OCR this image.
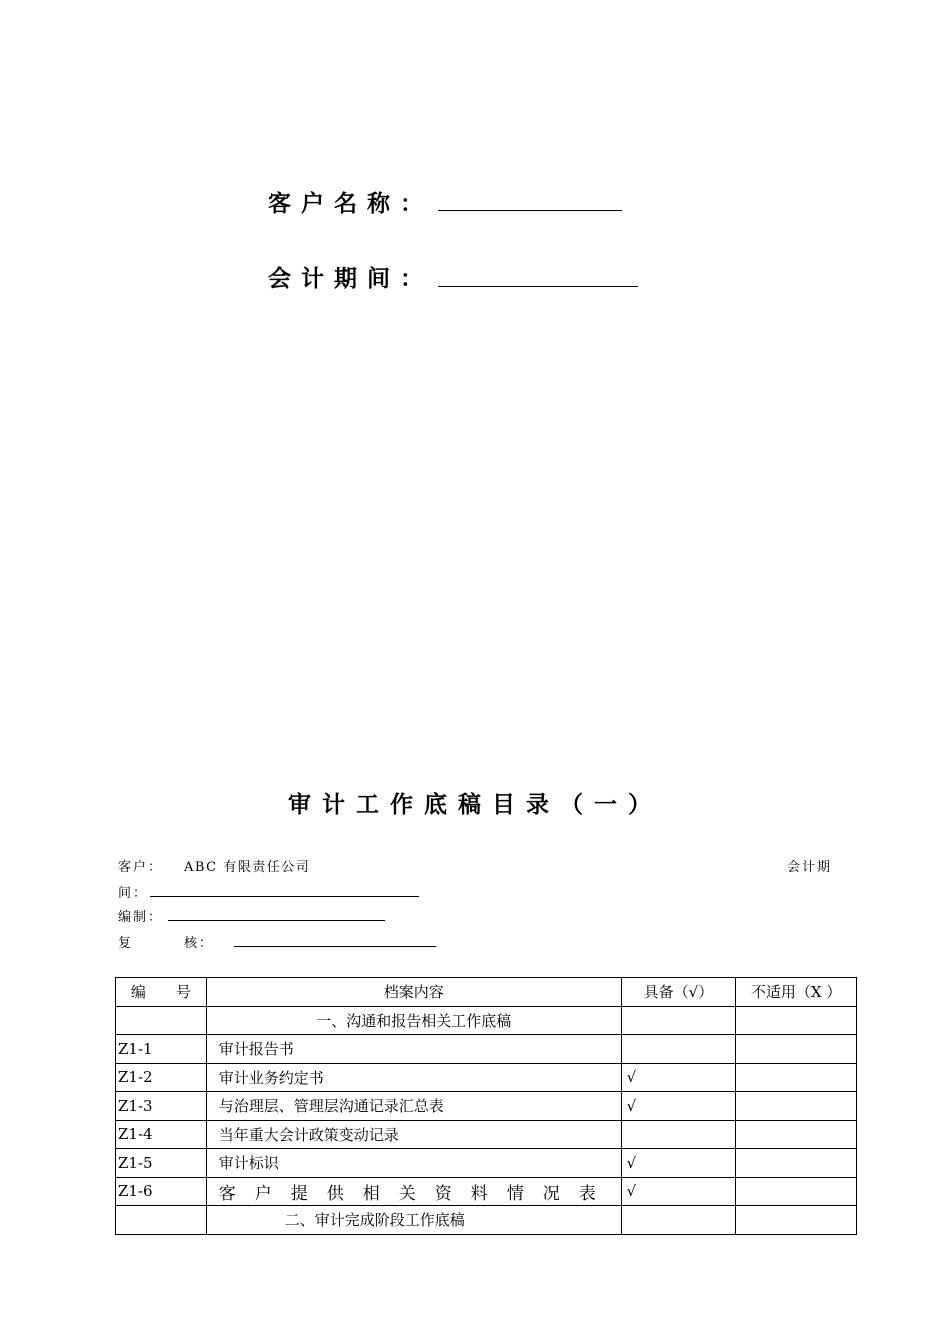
客户名称：
会计期间：
审计工作底稿目录（一）
客户： ABC 有限责任公司	会计期
间：
编制：
复	核：
编　　号	档案内容	具备（√）	不适用（X ）
	一、沟通和报告相关工作底稿		
Z1-1	审计报告书		
Z1-2	审计业务约定书	√	
Z1-3	与治理层、管理层沟通记录汇总表	√	
Z1-4	当年重大会计政策变动记录		
Z1-5	审计标识	√	
Z1-6	客户提供相关资料情况表	√	
	二、审计完成阶段工作底稿		
